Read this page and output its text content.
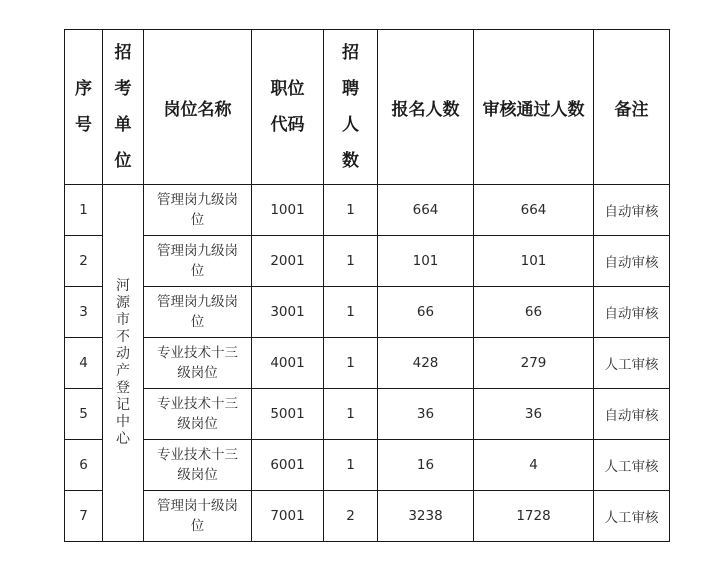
序号	招考单位	岗位名称	职位代码	招聘人数	报名人数	审核通过人数	备注
1	河源市不动产登记中心	管理岗九级岗位	1001	1	664	664	自动审核
2		管理岗九级岗位	2001	1	101	101	自动审核
3		管理岗九级岗位	3001	1	66	66	自动审核
4		专业技术十三级岗位	4001	1	428	279	人工审核
5		专业技术十三级岗位	5001	1	36	36	自动审核
6		专业技术十三级岗位	6001	1	16	4	人工审核
7		管理岗十级岗位	7001	2	3238	1728	人工审核
